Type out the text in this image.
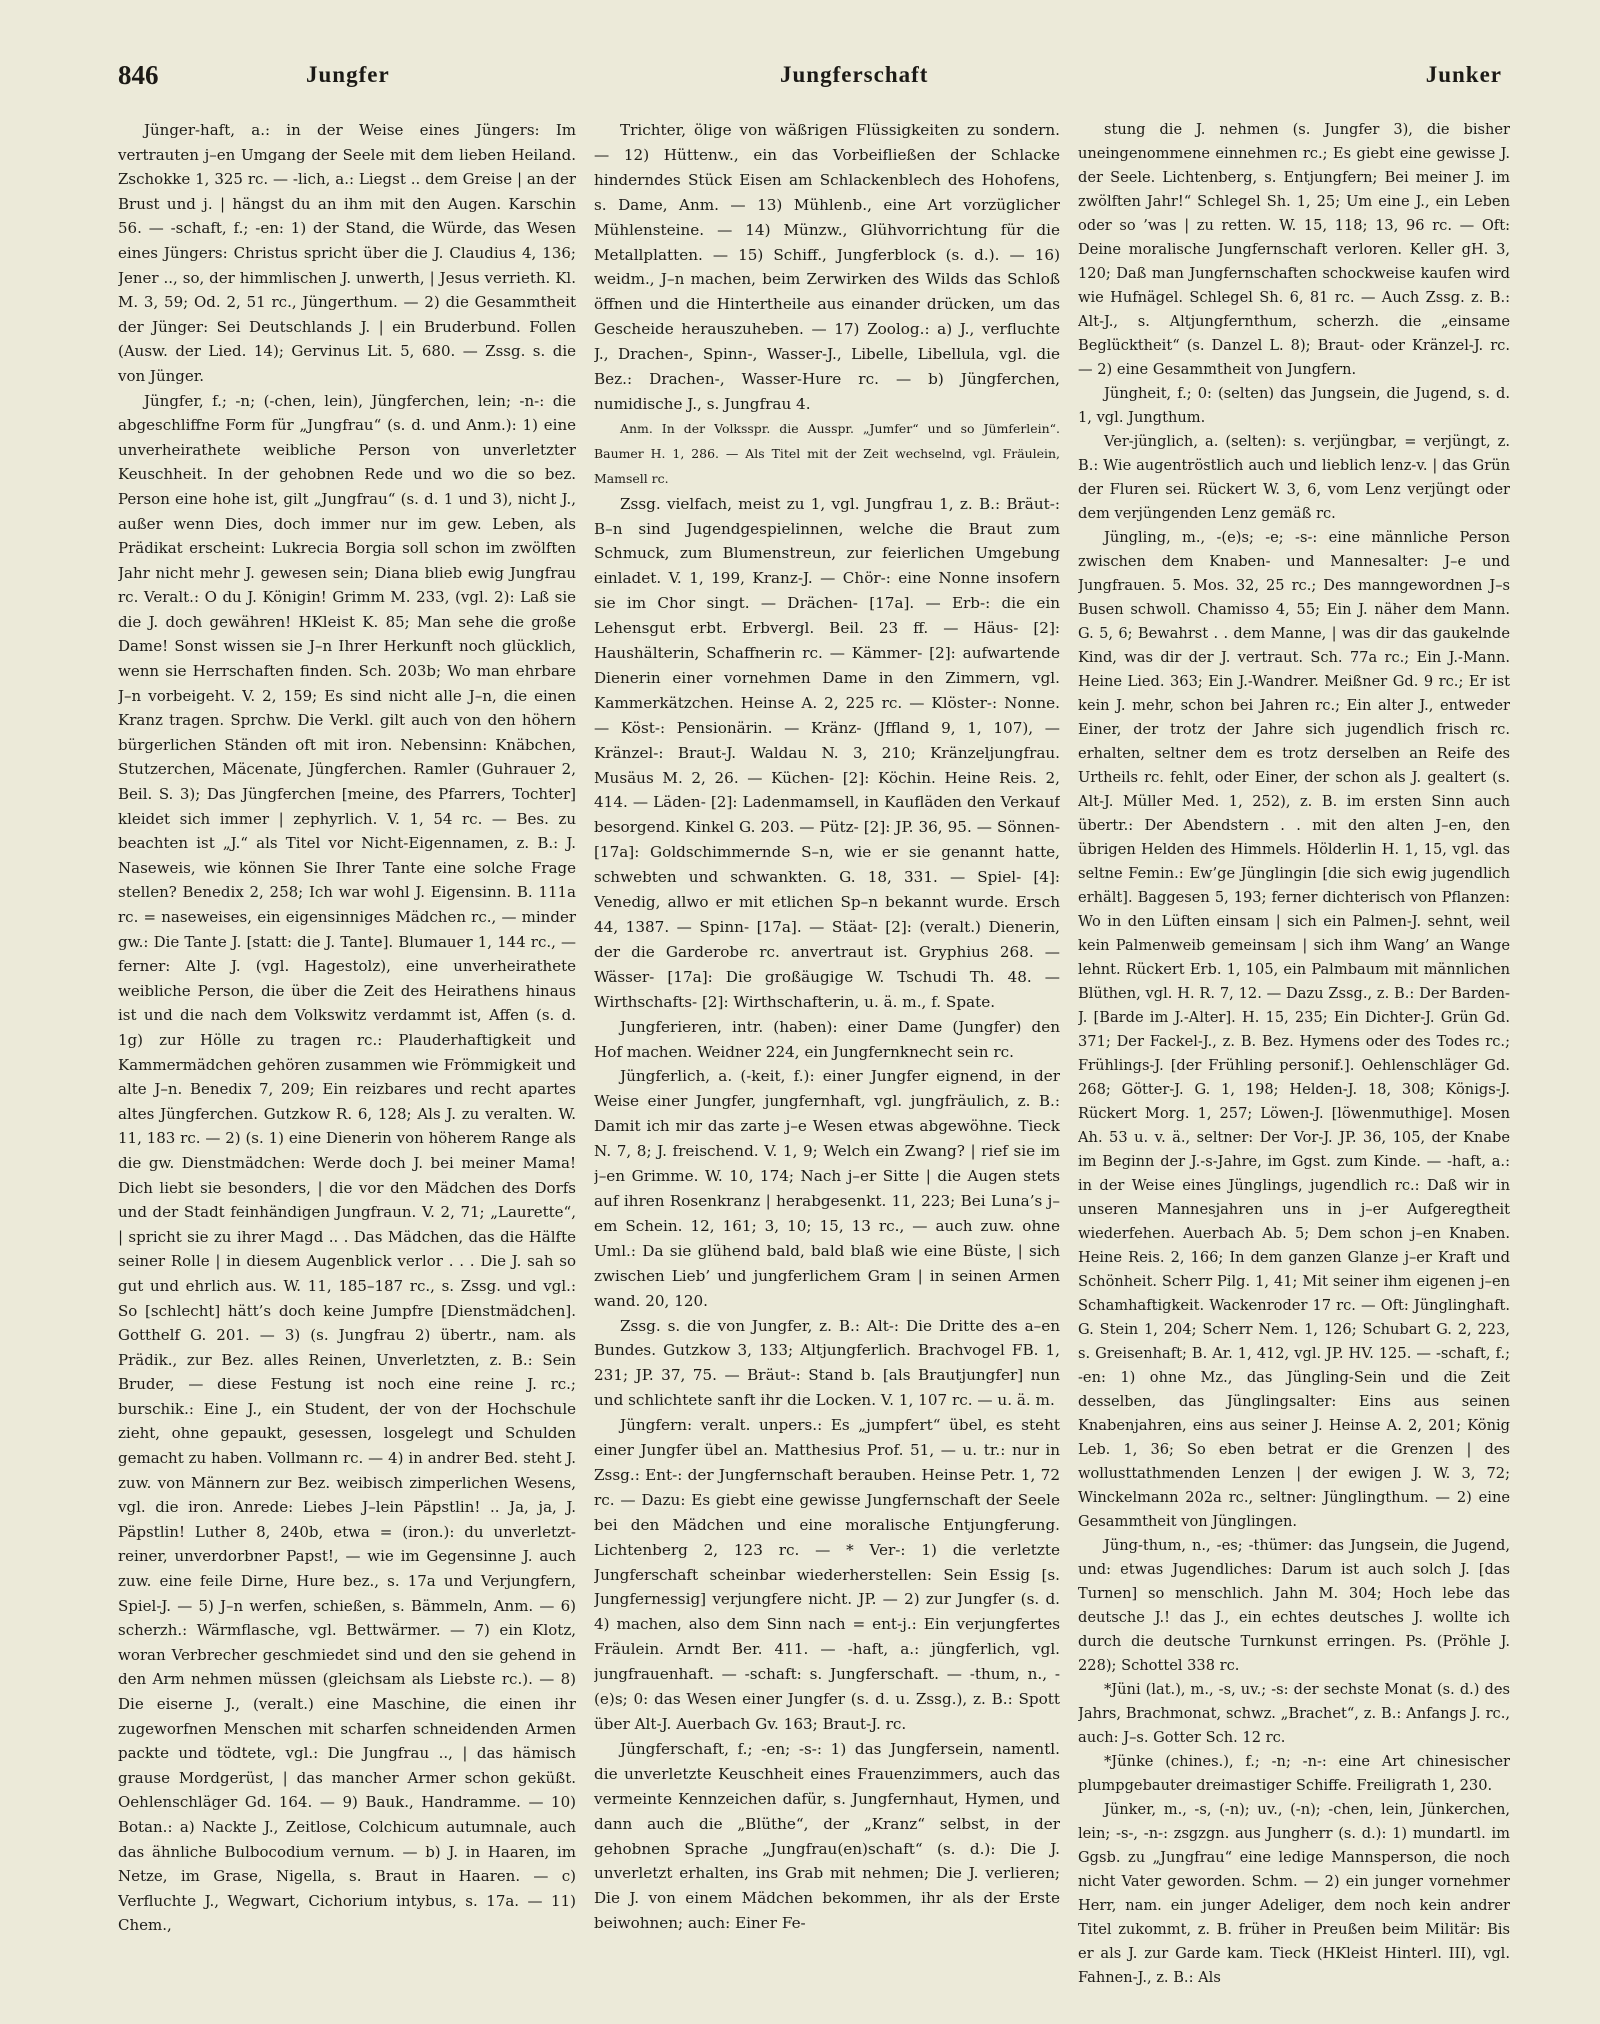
846	Jungfer	Jungferschaft	Junker

Jünger-haft, a.: in der Weise eines Jüngers: Im vertrauten j–en Umgang der Seele mit dem lieben Heiland. Zschokke 1, 325 rc. — -lich, a.: Liegst .. dem Greise | an der Brust und j. | hängst du an ihm mit den Augen. Karschin 56. — -schaft, f.; -en: 1) der Stand, die Würde, das Wesen eines Jüngers: Christus spricht über die J. Claudius 4, 136; Jener .., so, der himmlischen J. unwerth, | Jesus verrieth. Kl. M. 3, 59; Od. 2, 51 rc., Jüngerthum. — 2) die Gesammtheit der Jünger: Sei Deutschlands J. | ein Bruderbund. Follen (Ausw. der Lied. 14); Gervinus Lit. 5, 680. — Zssg. s. die von Jünger.

Jüngfer, f.; -n; (-chen, lein), Jüngferchen, lein; -n-: die abgeschliffne Form für „Jungfrau“ (s. d. und Anm.): 1) eine unverheirathete weibliche Person von unverletzter Keuschheit. In der gehobnen Rede und wo die so bez. Person eine hohe ist, gilt „Jungfrau“ (s. d. 1 und 3), nicht J., außer wenn Dies, doch immer nur im gew. Leben, als Prädikat erscheint: Lukrecia Borgia soll schon im zwölften Jahr nicht mehr J. gewesen sein; Diana blieb ewig Jungfrau rc. Veralt.: O du J. Königin! Grimm M. 233, (vgl. 2): Laß sie die J. doch gewähren! HKleist K. 85; Man sehe die große Dame! Sonst wissen sie J–n Ihrer Herkunft noch glücklich, wenn sie Herrschaften finden. Sch. 203b; Wo man ehrbare J–n vorbeigeht. V. 2, 159; Es sind nicht alle J–n, die einen Kranz tragen. Sprchw. Die Verkl. gilt auch von den höhern bürgerlichen Ständen oft mit iron. Nebensinn: Knäbchen, Stutzerchen, Mäcenate, Jüngferchen. Ramler (Guhrauer 2, Beil. S. 3); Das Jüngferchen [meine, des Pfarrers, Tochter] kleidet sich immer | zephyrlich. V. 1, 54 rc. — Bes. zu beachten ist „J.“ als Titel vor Nicht-Eigennamen, z. B.: J. Naseweis, wie können Sie Ihrer Tante eine solche Frage stellen? Benedix 2, 258; Ich war wohl J. Eigensinn. B. 111a rc. = naseweises, ein eigensinniges Mädchen rc., — minder gw.: Die Tante J. [statt: die J. Tante]. Blumauer 1, 144 rc., — ferner: Alte J. (vgl. Hagestolz), eine unverheirathete weibliche Person, die über die Zeit des Heirathens hinaus ist und die nach dem Volkswitz verdammt ist, Affen (s. d. 1g) zur Hölle zu tragen rc.: Plauderhaftigkeit und Kammermädchen gehören zusammen wie Frömmigkeit und alte J–n. Benedix 7, 209; Ein reizbares und recht apartes altes Jüngferchen. Gutzkow R. 6, 128; Als J. zu veralten. W. 11, 183 rc. — 2) (s. 1) eine Dienerin von höherem Range als die gw. Dienstmädchen: Werde doch J. bei meiner Mama! Dich liebt sie besonders, | die vor den Mädchen des Dorfs und der Stadt feinhändigen Jungfraun. V. 2, 71; „Laurette“, | spricht sie zu ihrer Magd .. . Das Mädchen, das die Hälfte seiner Rolle | in diesem Augenblick verlor . . . Die J. sah so gut und ehrlich aus. W. 11, 185–187 rc., s. Zssg. und vgl.: So [schlecht] hätt’s doch keine Jumpfre [Dienstmädchen]. Gotthelf G. 201. — 3) (s. Jungfrau 2) übertr., nam. als Prädik., zur Bez. alles Reinen, Unverletzten, z. B.: Sein Bruder, — diese Festung ist noch eine reine J. rc.; burschik.: Eine J., ein Student, der von der Hochschule zieht, ohne gepaukt, gesessen, losgelegt und Schulden gemacht zu haben. Vollmann rc. — 4) in andrer Bed. steht J. zuw. von Männern zur Bez. weibisch zimperlichen Wesens, vgl. die iron. Anrede: Liebes J–lein Päpstlin! .. Ja, ja, J. Päpstlin! Luther 8, 240b, etwa = (iron.): du unverletzt-reiner, unverdorbner Papst!, — wie im Gegensinne J. auch zuw. eine feile Dirne, Hure bez., s. 17a und Verjungfern, Spiel-J. — 5) J–n werfen, schießen, s. Bämmeln, Anm. — 6) scherzh.: Wärmflasche, vgl. Bettwärmer. — 7) ein Klotz, woran Verbrecher geschmiedet sind und den sie gehend in den Arm nehmen müssen (gleichsam als Liebste rc.). — 8) Die eiserne J., (veralt.) eine Maschine, die einen ihr zugeworfnen Menschen mit scharfen schneidenden Armen packte und tödtete, vgl.: Die Jungfrau .., | das hämisch grause Mordgerüst, | das mancher Armer schon geküßt. Oehlenschläger Gd. 164. — 9) Bauk., Handramme. — 10) Botan.: a) Nackte J., Zeitlose, Colchicum autumnale, auch das ähnliche Bulbocodium vernum. — b) J. in Haaren, im Netze, im Grase, Nigella, s. Braut in Haaren. — c) Verfluchte J., Wegwart, Cichorium intybus, s. 17a. — 11) Chem.,

Trichter, ölige von wäßrigen Flüssigkeiten zu sondern. — 12) Hüttenw., ein das Vorbeifließen der Schlacke hinderndes Stück Eisen am Schlackenblech des Hohofens, s. Dame, Anm. — 13) Mühlenb., eine Art vorzüglicher Mühlensteine. — 14) Münzw., Glühvorrichtung für die Metallplatten. — 15) Schiff., Jungferblock (s. d.). — 16) weidm., J–n machen, beim Zerwirken des Wilds das Schloß öffnen und die Hintertheile aus einander drücken, um das Gescheide herauszuheben. — 17) Zoolog.: a) J., verfluchte J., Drachen-, Spinn-, Wasser-J., Libelle, Libellula, vgl. die Bez.: Drachen-, Wasser-Hure rc. — b) Jüngferchen, numidische J., s. Jungfrau 4.

Anm. In der Volksspr. die Ausspr. „Jumfer“ und so Jümferlein“. Baumer H. 1, 286. — Als Titel mit der Zeit wechselnd, vgl. Fräulein, Mamsell rc.

Zssg. vielfach, meist zu 1, vgl. Jungfrau 1, z. B.: Bräut-: B–n sind Jugendgespielinnen, welche die Braut zum Schmuck, zum Blumenstreun, zur feierlichen Umgebung einladet. V. 1, 199, Kranz-J. — Chör-: eine Nonne insofern sie im Chor singt. — Drächen- [17a]. — Erb-: die ein Lehensgut erbt. Erbvergl. Beil. 23 ff. — Häus- [2]: Haushälterin, Schaffnerin rc. — Kämmer- [2]: aufwartende Dienerin einer vornehmen Dame in den Zimmern, vgl. Kammerkätzchen. Heinse A. 2, 225 rc. — Klöster-: Nonne. — Köst-: Pensionärin. — Kränz- (Jffland 9, 1, 107), — Kränzel-: Braut-J. Waldau N. 3, 210; Kränzeljungfrau. Musäus M. 2, 26. — Küchen- [2]: Köchin. Heine Reis. 2, 414. — Läden- [2]: Ladenmamsell, in Kaufläden den Verkauf besorgend. Kinkel G. 203. — Pütz- [2]: JP. 36, 95. — Sönnen- [17a]: Goldschimmernde S–n, wie er sie genannt hatte, schwebten und schwankten. G. 18, 331. — Spiel- [4]: Venedig, allwo er mit etlichen Sp–n bekannt wurde. Ersch 44, 1387. — Spinn- [17a]. — Stäat- [2]: (veralt.) Dienerin, der die Garderobe rc. anvertraut ist. Gryphius 268. — Wässer- [17a]: Die großäugige W. Tschudi Th. 48. — Wirthschafts- [2]: Wirthschafterin, u. ä. m., f. Spate.

Jungferieren, intr. (haben): einer Dame (Jungfer) den Hof machen. Weidner 224, ein Jungfernknecht sein rc.

Jüngferlich, a. (-keit, f.): einer Jungfer eignend, in der Weise einer Jungfer, jungfernhaft, vgl. jungfräulich, z. B.: Damit ich mir das zarte j–e Wesen etwas abgewöhne. Tieck N. 7, 8; J. freischend. V. 1, 9; Welch ein Zwang? | rief sie im j–en Grimme. W. 10, 174; Nach j–er Sitte | die Augen stets auf ihren Rosenkranz | herabgesenkt. 11, 223; Bei Luna’s j–em Schein. 12, 161; 3, 10; 15, 13 rc., — auch zuw. ohne Uml.: Da sie glühend bald, bald blaß wie eine Büste, | sich zwischen Lieb’ und jungferlichem Gram | in seinen Armen wand. 20, 120.

Zssg. s. die von Jungfer, z. B.: Alt-: Die Dritte des a–en Bundes. Gutzkow 3, 133; Altjungferlich. Brachvogel FB. 1, 231; JP. 37, 75. — Bräut-: Stand b. [als Brautjungfer] nun und schlichtete sanft ihr die Locken. V. 1, 107 rc. — u. ä. m.

Jüngfern: veralt. unpers.: Es „jumpfert“ übel, es steht einer Jungfer übel an. Matthesius Prof. 51, — u. tr.: nur in Zssg.: Ent-: der Jungfernschaft berauben. Heinse Petr. 1, 72 rc. — Dazu: Es giebt eine gewisse Jungfernschaft der Seele bei den Mädchen und eine moralische Entjungferung. Lichtenberg 2, 123 rc. — * Ver-: 1) die verletzte Jungferschaft scheinbar wiederherstellen: Sein Essig [s. Jungfernessig] verjungfere nicht. JP. — 2) zur Jungfer (s. d. 4) machen, also dem Sinn nach = ent-j.: Ein verjungfertes Fräulein. Arndt Ber. 411. — -haft, a.: jüngferlich, vgl. jungfrauenhaft. — -schaft: s. Jungferschaft. — -thum, n., -(e)s; 0: das Wesen einer Jungfer (s. d. u. Zssg.), z. B.: Spott über Alt-J. Auerbach Gv. 163; Braut-J. rc.

Jüngferschaft, f.; -en; -s-: 1) das Jungfersein, namentl. die unverletzte Keuschheit eines Frauenzimmers, auch das vermeinte Kennzeichen dafür, s. Jungfernhaut, Hymen, und dann auch die „Blüthe“, der „Kranz“ selbst, in der gehobnen Sprache „Jungfrau(en)schaft“ (s. d.): Die J. unverletzt erhalten, ins Grab mit nehmen; Die J. verlieren; Die J. von einem Mädchen bekommen, ihr als der Erste beiwohnen; auch: Einer Fe-

stung die J. nehmen (s. Jungfer 3), die bisher uneingenommene einnehmen rc.; Es giebt eine gewisse J. der Seele. Lichtenberg, s. Entjungfern; Bei meiner J. im zwölften Jahr!“ Schlegel Sh. 1, 25; Um eine J., ein Leben oder so ’was | zu retten. W. 15, 118; 13, 96 rc. — Oft: Deine moralische Jungfernschaft verloren. Keller gH. 3, 120; Daß man Jungfernschaften schockweise kaufen wird wie Hufnägel. Schlegel Sh. 6, 81 rc. — Auch Zssg. z. B.: Alt-J., s. Altjungfernthum, scherzh. die „einsame Beglücktheit“ (s. Danzel L. 8); Braut- oder Kränzel-J. rc. — 2) eine Gesammtheit von Jungfern.

Jüngheit, f.; 0: (selten) das Jungsein, die Jugend, s. d. 1, vgl. Jungthum.

Ver-jünglich, a. (selten): s. verjüngbar, = verjüngt, z. B.: Wie augentröstlich auch und lieblich lenz-v. | das Grün der Fluren sei. Rückert W. 3, 6, vom Lenz verjüngt oder dem verjüngenden Lenz gemäß rc.

Jüngling, m., -(e)s; -e; -s-: eine männliche Person zwischen dem Knaben- und Mannesalter: J–e und Jungfrauen. 5. Mos. 32, 25 rc.; Des manngewordnen J–s Busen schwoll. Chamisso 4, 55; Ein J. näher dem Mann. G. 5, 6; Bewahrst . . dem Manne, | was dir das gaukelnde Kind, was dir der J. vertraut. Sch. 77a rc.; Ein J.-Mann. Heine Lied. 363; Ein J.-Wandrer. Meißner Gd. 9 rc.; Er ist kein J. mehr, schon bei Jahren rc.; Ein alter J., entweder Einer, der trotz der Jahre sich jugendlich frisch rc. erhalten, seltner dem es trotz derselben an Reife des Urtheils rc. fehlt, oder Einer, der schon als J. gealtert (s. Alt-J. Müller Med. 1, 252), z. B. im ersten Sinn auch übertr.: Der Abendstern . . mit den alten J–en, den übrigen Helden des Himmels. Hölderlin H. 1, 15, vgl. das seltne Femin.: Ew’ge Jünglingin [die sich ewig jugendlich erhält]. Baggesen 5, 193; ferner dichterisch von Pflanzen: Wo in den Lüften einsam | sich ein Palmen-J. sehnt, weil kein Palmenweib gemeinsam | sich ihm Wang’ an Wange lehnt. Rückert Erb. 1, 105, ein Palmbaum mit männlichen Blüthen, vgl. H. R. 7, 12. — Dazu Zssg., z. B.: Der Barden-J. [Barde im J.-Alter]. H. 15, 235; Ein Dichter-J. Grün Gd. 371; Der Fackel-J., z. B. Bez. Hymens oder des Todes rc.; Frühlings-J. [der Frühling personif.]. Oehlenschläger Gd. 268; Götter-J. G. 1, 198; Helden-J. 18, 308; Königs-J. Rückert Morg. 1, 257; Löwen-J. [löwenmuthige]. Mosen Ah. 53 u. v. ä., seltner: Der Vor-J. JP. 36, 105, der Knabe im Beginn der J.-s-Jahre, im Ggst. zum Kinde. — -haft, a.: in der Weise eines Jünglings, jugendlich rc.: Daß wir in unseren Mannesjahren uns in j–er Aufgeregtheit wiederfehen. Auerbach Ab. 5; Dem schon j–en Knaben. Heine Reis. 2, 166; In dem ganzen Glanze j–er Kraft und Schönheit. Scherr Pilg. 1, 41; Mit seiner ihm eigenen j–en Schamhaftigkeit. Wackenroder 17 rc. — Oft: Jünglinghaft. G. Stein 1, 204; Scherr Nem. 1, 126; Schubart G. 2, 223, s. Greisenhaft; B. Ar. 1, 412, vgl. JP. HV. 125. — -schaft, f.; -en: 1) ohne Mz., das Jüngling-Sein und die Zeit desselben, das Jünglingsalter: Eins aus seinen Knabenjahren, eins aus seiner J. Heinse A. 2, 201; König Leb. 1, 36; So eben betrat er die Grenzen | des wollusttathmenden Lenzen | der ewigen J. W. 3, 72; Winckelmann 202a rc., seltner: Jünglingthum. — 2) eine Gesammtheit von Jünglingen.

Jüng-thum, n., -es; -thümer: das Jungsein, die Jugend, und: etwas Jugendliches: Darum ist auch solch J. [das Turnen] so menschlich. Jahn M. 304; Hoch lebe das deutsche J.! das J., ein echtes deutsches J. wollte ich durch die deutsche Turnkunst erringen. Ps. (Pröhle J. 228); Schottel 338 rc.

*Jüni (lat.), m., -s, uv.; -s: der sechste Monat (s. d.) des Jahrs, Brachmonat, schwz. „Brachet“, z. B.: Anfangs J. rc., auch: J–s. Gotter Sch. 12 rc.

*Jünke (chines.), f.; -n; -n-: eine Art chinesischer plumpgebauter dreimastiger Schiffe. Freiligrath 1, 230.

Jünker, m., -s, (-n); uv., (-n); -chen, lein, Jünkerchen, lein; -s-, -n-: zsgzgn. aus Jungherr (s. d.): 1) mundartl. im Ggsb. zu „Jungfrau“ eine ledige Mannsperson, die noch nicht Vater geworden. Schm. — 2) ein junger vornehmer Herr, nam. ein junger Adeliger, dem noch kein andrer Titel zukommt, z. B. früher in Preußen beim Militär: Bis er als J. zur Garde kam. Tieck (HKleist Hinterl. III), vgl. Fahnen-J., z. B.: Als
